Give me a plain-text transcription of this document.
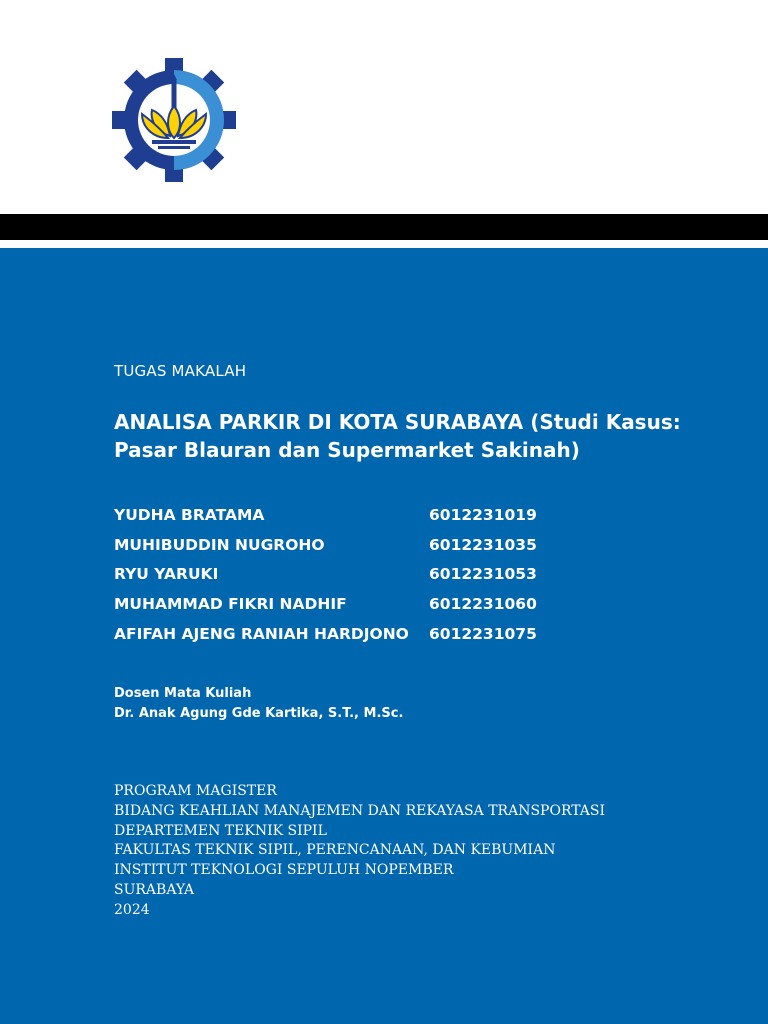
TUGAS MAKALAH
ANALISA PARKIR DI KOTA SURABAYA (Studi Kasus:
Pasar Blauran dan Supermarket Sakinah)
YUDHA BRATAMA	6012231019
MUHIBUDDIN NUGROHO	6012231035
RYU YARUKI	6012231053
MUHAMMAD FIKRI NADHIF	6012231060
AFIFAH AJENG RANIAH HARDJONO 6012231075
Dosen Mata Kuliah
Dr. Anak Agung Gde Kartika, S.T., M.Sc.
PROGRAM MAGISTER
BIDANG KEAHLIAN MANAJEMEN DAN REKAYASA TRANSPORTASI
DEPARTEMEN TEKNIK SIPIL
FAKULTAS TEKNIK SIPIL, PERENCANAAN, DAN KEBUMIAN
INSTITUT TEKNOLOGI SEPULUH NOPEMBER
SURABAYA
2024
